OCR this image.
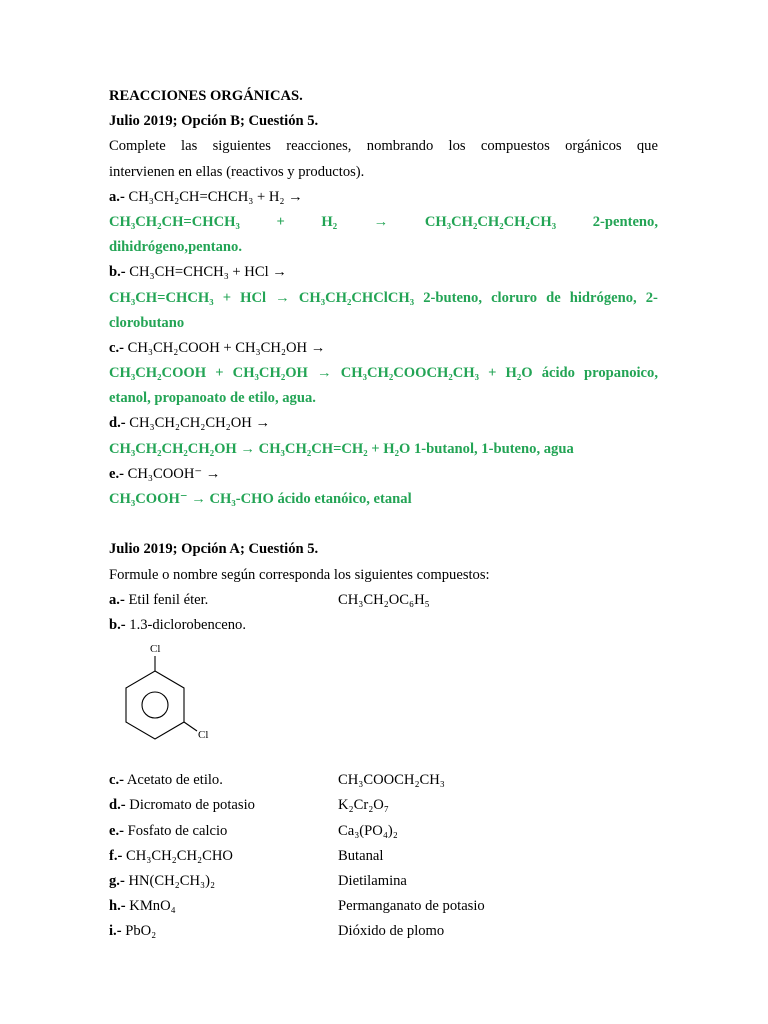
REACCIONES ORGÁNICAS.
Julio 2019; Opción B; Cuestión 5.
Complete las siguientes reacciones, nombrando los compuestos orgánicos que
intervienen en ellas (reactivos y productos).
a.- CH₃CH₂CH=CHCH₃ + H₂ →
CH₃CH₂CH=CHCH₃	+	H₂	→	CH₃CH₂CH₂CH₂CH₃	2-penteno,
dihidrógeno,pentano.
b.- CH₃CH=CHCH₃ + HCl →
CH₃CH=CHCH₃ + HCl → CH₃CH₂CHClCH₃ 2-buteno, cloruro de hidrógeno, 2-
clorobutano
c.- CH₃CH₂COOH + CH₃CH₂OH →
CH₃CH₂COOH + CH₃CH₂OH → CH₃CH₂COOCH₂CH₃ + H₂O ácido propanoico,
etanol, propanoato de etilo, agua.
d.- CH₃CH₂CH₂CH₂OH →
CH₃CH₂CH₂CH₂OH → CH₃CH₂CH=CH₂ + H₂O 1-butanol, 1-buteno, agua
e.- CH₃COOH⁻ →
CH₃COOH⁻ → CH₃-CHO ácido etanóico, etanal
Julio 2019; Opción A; Cuestión 5.
Formule o nombre según corresponda los siguientes compuestos:
a.- Etil fenil éter.	CH₃CH₂OC₆H₅
b.- 1.3-diclorobenceno.
Cl
Cl
c.- Acetato de etilo.	CH₃COOCH₂CH₃
d.- Dicromato de potasio	K₂Cr₂O₇
e.- Fosfato de calcio	Ca₃(PO₄)₂
f.- CH₃CH₂CH₂CHO	Butanal
g.- HN(CH₂CH₃)₂	Dietilamina
h.- KMnO₄	Permanganato de potasio
i.- PbO₂	Dióxido de plomo
